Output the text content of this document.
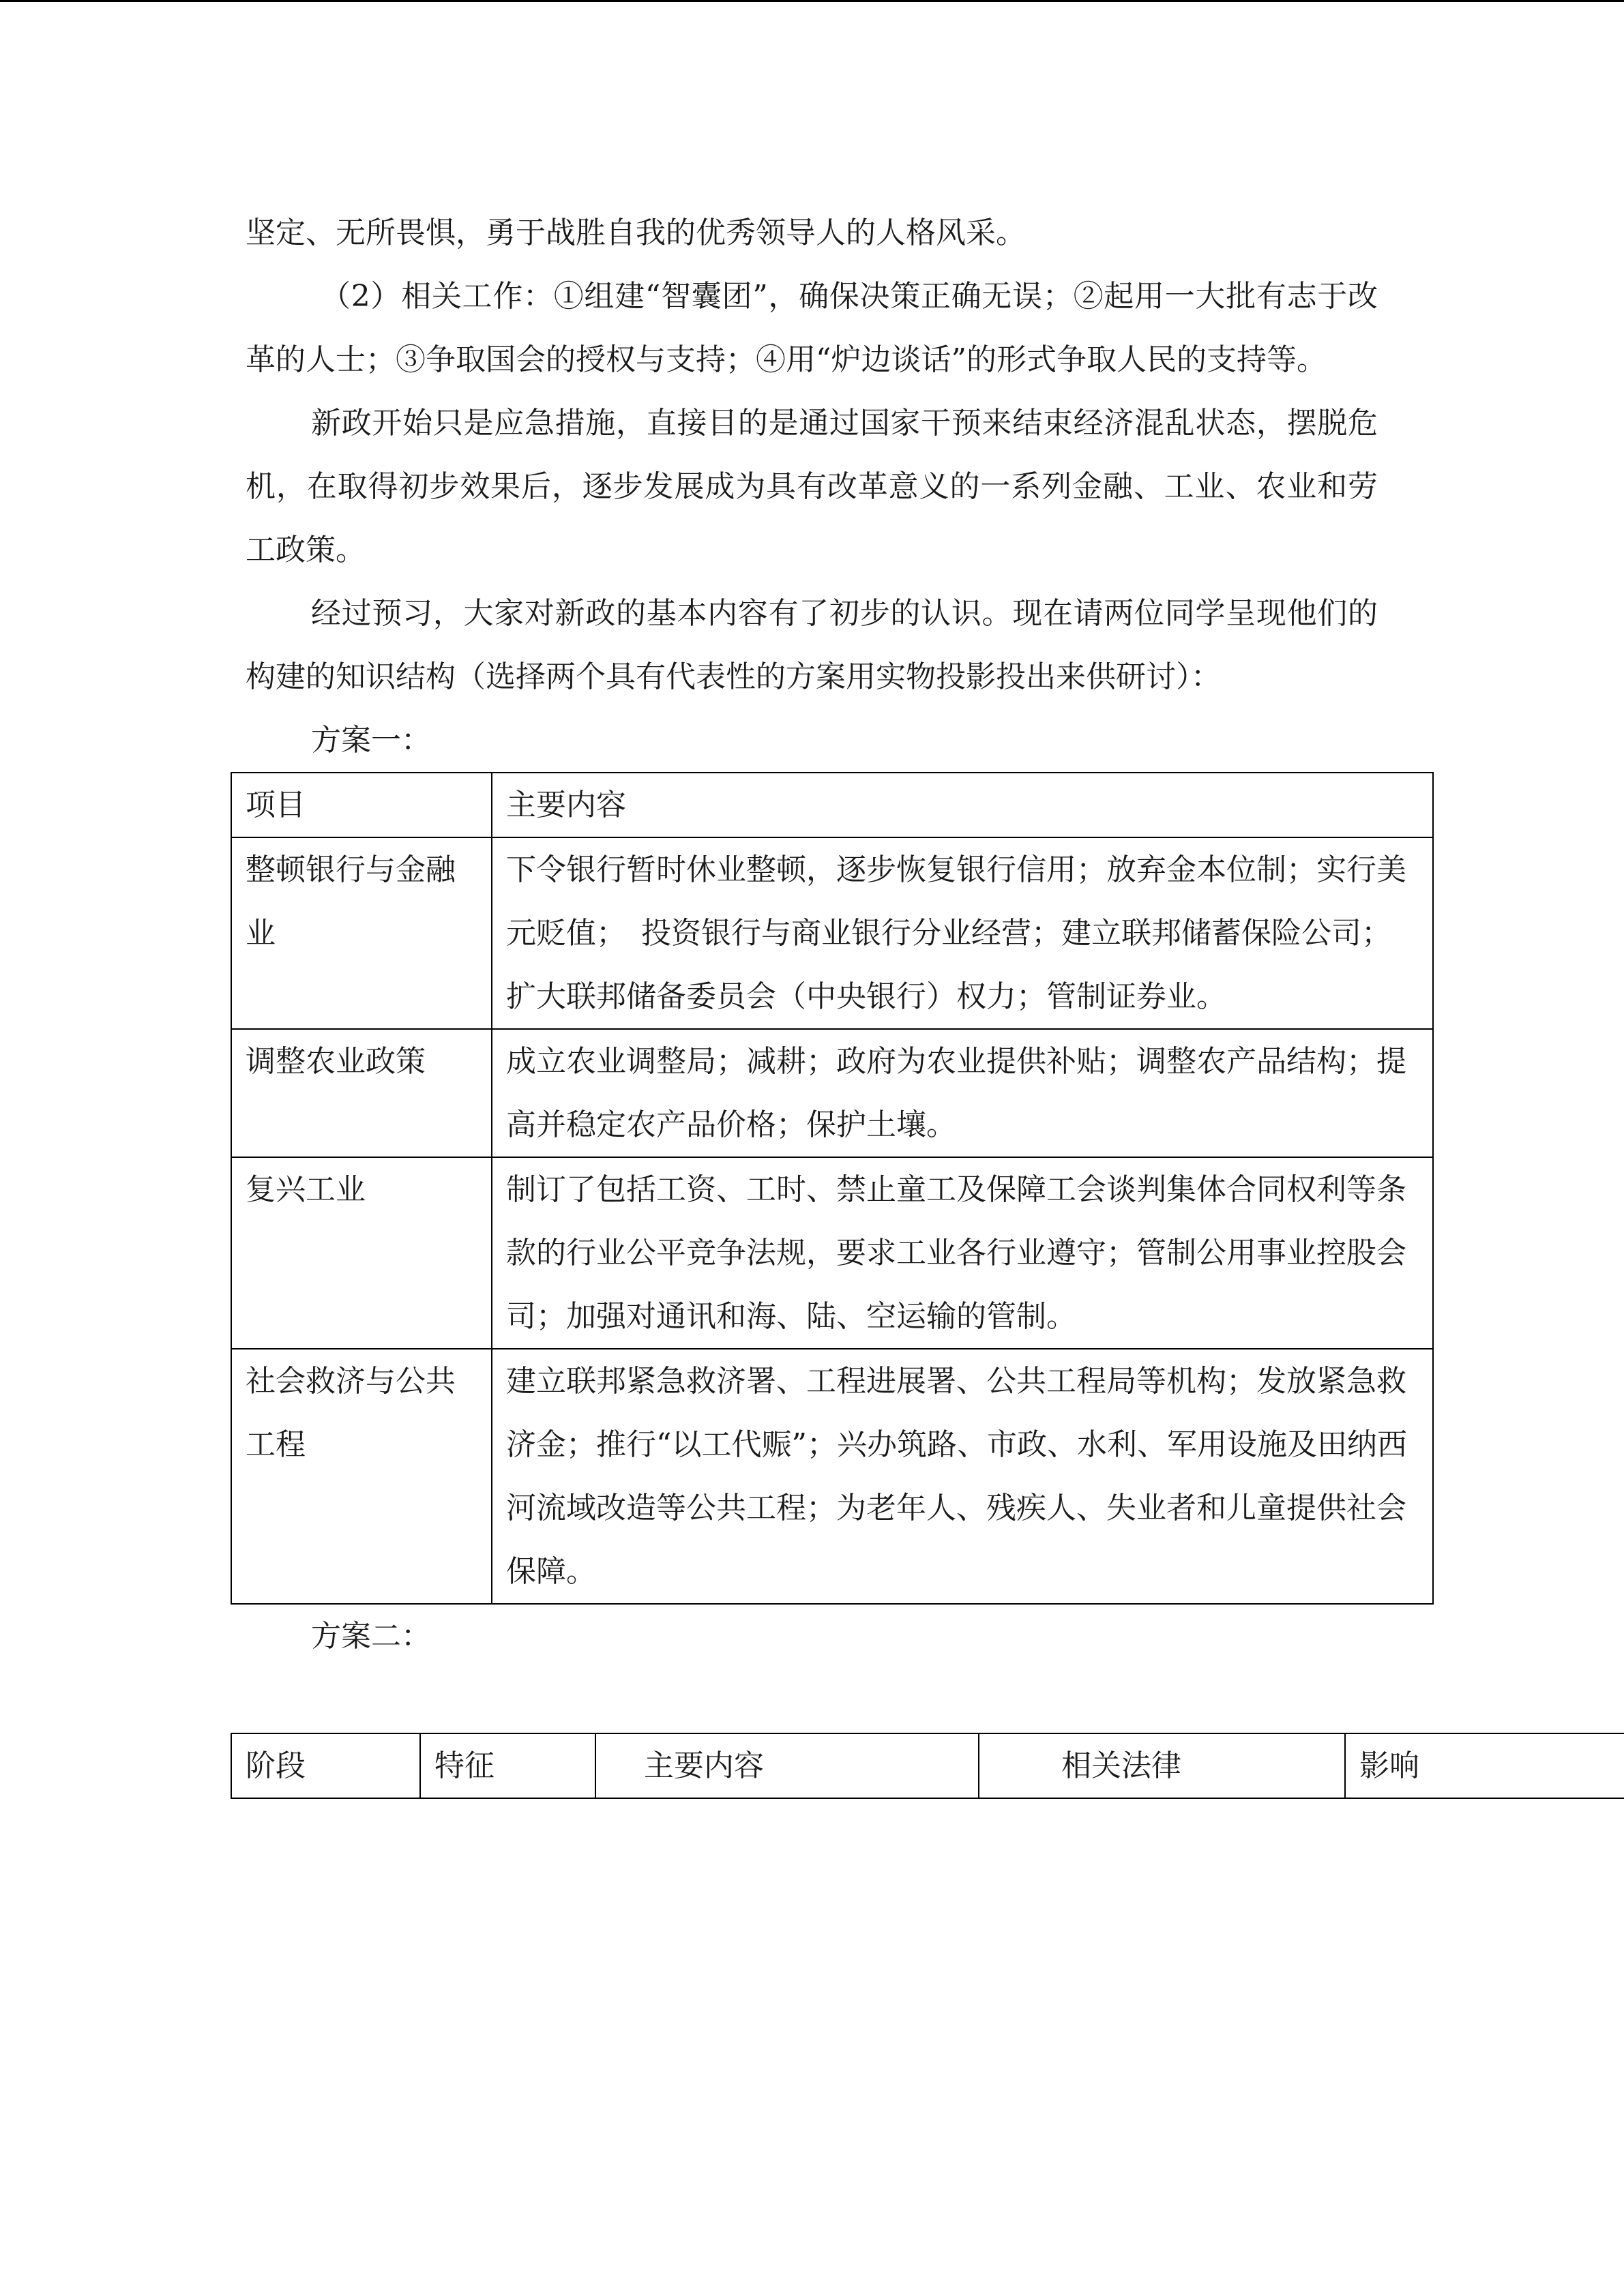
坚定、无所畏惧，勇于战胜自我的优秀领导人的人格风采。

（2）相关工作：①组建“智囊团”，确保决策正确无误；②起用一大批有志于改革的人士；③争取国会的授权与支持；④用“炉边谈话”的形式争取人民的支持等。

新政开始只是应急措施，直接目的是通过国家干预来结束经济混乱状态，摆脱危机，在取得初步效果后，逐步发展成为具有改革意义的一系列金融、工业、农业和劳工政策。

经过预习，大家对新政的基本内容有了初步的认识。现在请两位同学呈现他们的构建的知识结构（选择两个具有代表性的方案用实物投影投出来供研讨）：

方案一：

项目	主要内容
整顿银行与金融业	下令银行暂时休业整顿，逐步恢复银行信用；放弃金本位制；实行美元贬值；　投资银行与商业银行分业经营；建立联邦储蓄保险公司；扩大联邦储备委员会（中央银行）权力；管制证券业。
调整农业政策	成立农业调整局；减耕；政府为农业提供补贴；调整农产品结构；提高并稳定农产品价格；保护土壤。
复兴工业	制订了包括工资、工时、禁止童工及保障工会谈判集体合同权利等条款的行业公平竞争法规，要求工业各行业遵守；管制公用事业控股会司；加强对通讯和海、陆、空运输的管制。
社会救济与公共工程	建立联邦紧急救济署、工程进展署、公共工程局等机构；发放紧急救济金；推行“以工代赈”；兴办筑路、市政、水利、军用设施及田纳西河流域改造等公共工程；为老年人、残疾人、失业者和儿童提供社会保障。

方案二：

阶段	特征	主要内容	相关法律	影响
